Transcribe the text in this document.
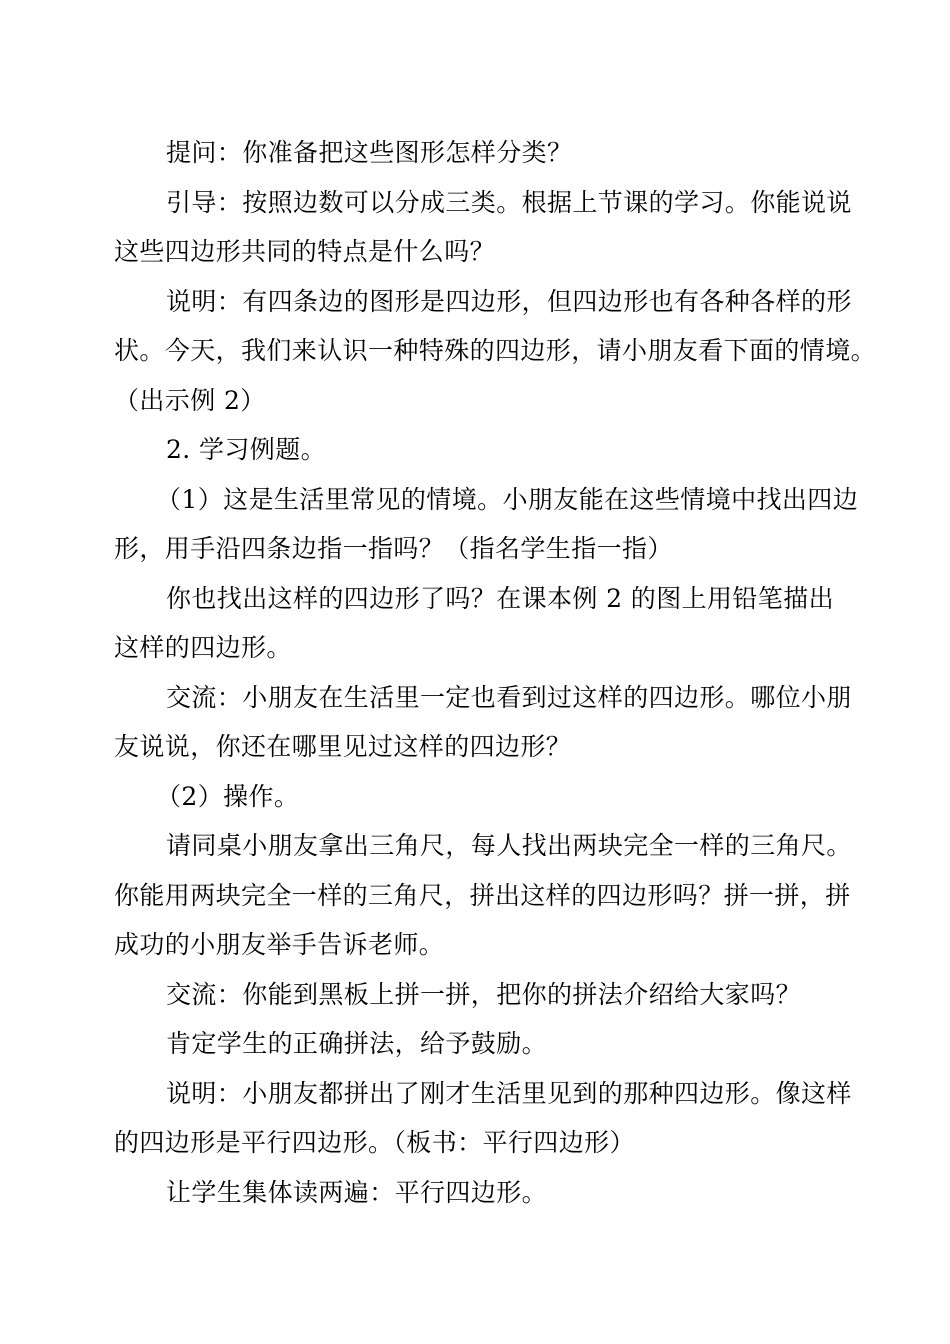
提问：你准备把这些图形怎样分类？

引导：按照边数可以分成三类。根据上节课的学习。你能说说
这些四边形共同的特点是什么吗？

说明：有四条边的图形是四边形，但四边形也有各种各样的形
状。今天，我们来认识一种特殊的四边形，请小朋友看下面的情境。
（出示例 2）

2. 学习例题。

（1）这是生活里常见的情境。小朋友能在这些情境中找出四边
形，用手沿四条边指一指吗？（指名学生指一指）

你也找出这样的四边形了吗？在课本例 2 的图上用铅笔描出
这样的四边形。

交流：小朋友在生活里一定也看到过这样的四边形。哪位小朋
友说说，你还在哪里见过这样的四边形？

（2）操作。

请同桌小朋友拿出三角尺，每人找出两块完全一样的三角尺。
你能用两块完全一样的三角尺，拼出这样的四边形吗？拼一拼，拼
成功的小朋友举手告诉老师。

交流：你能到黑板上拼一拼，把你的拼法介绍给大家吗？

肯定学生的正确拼法，给予鼓励。

说明：小朋友都拼出了刚才生活里见到的那种四边形。像这样
的四边形是平行四边形。（板书：平行四边形）

让学生集体读两遍：平行四边形。
